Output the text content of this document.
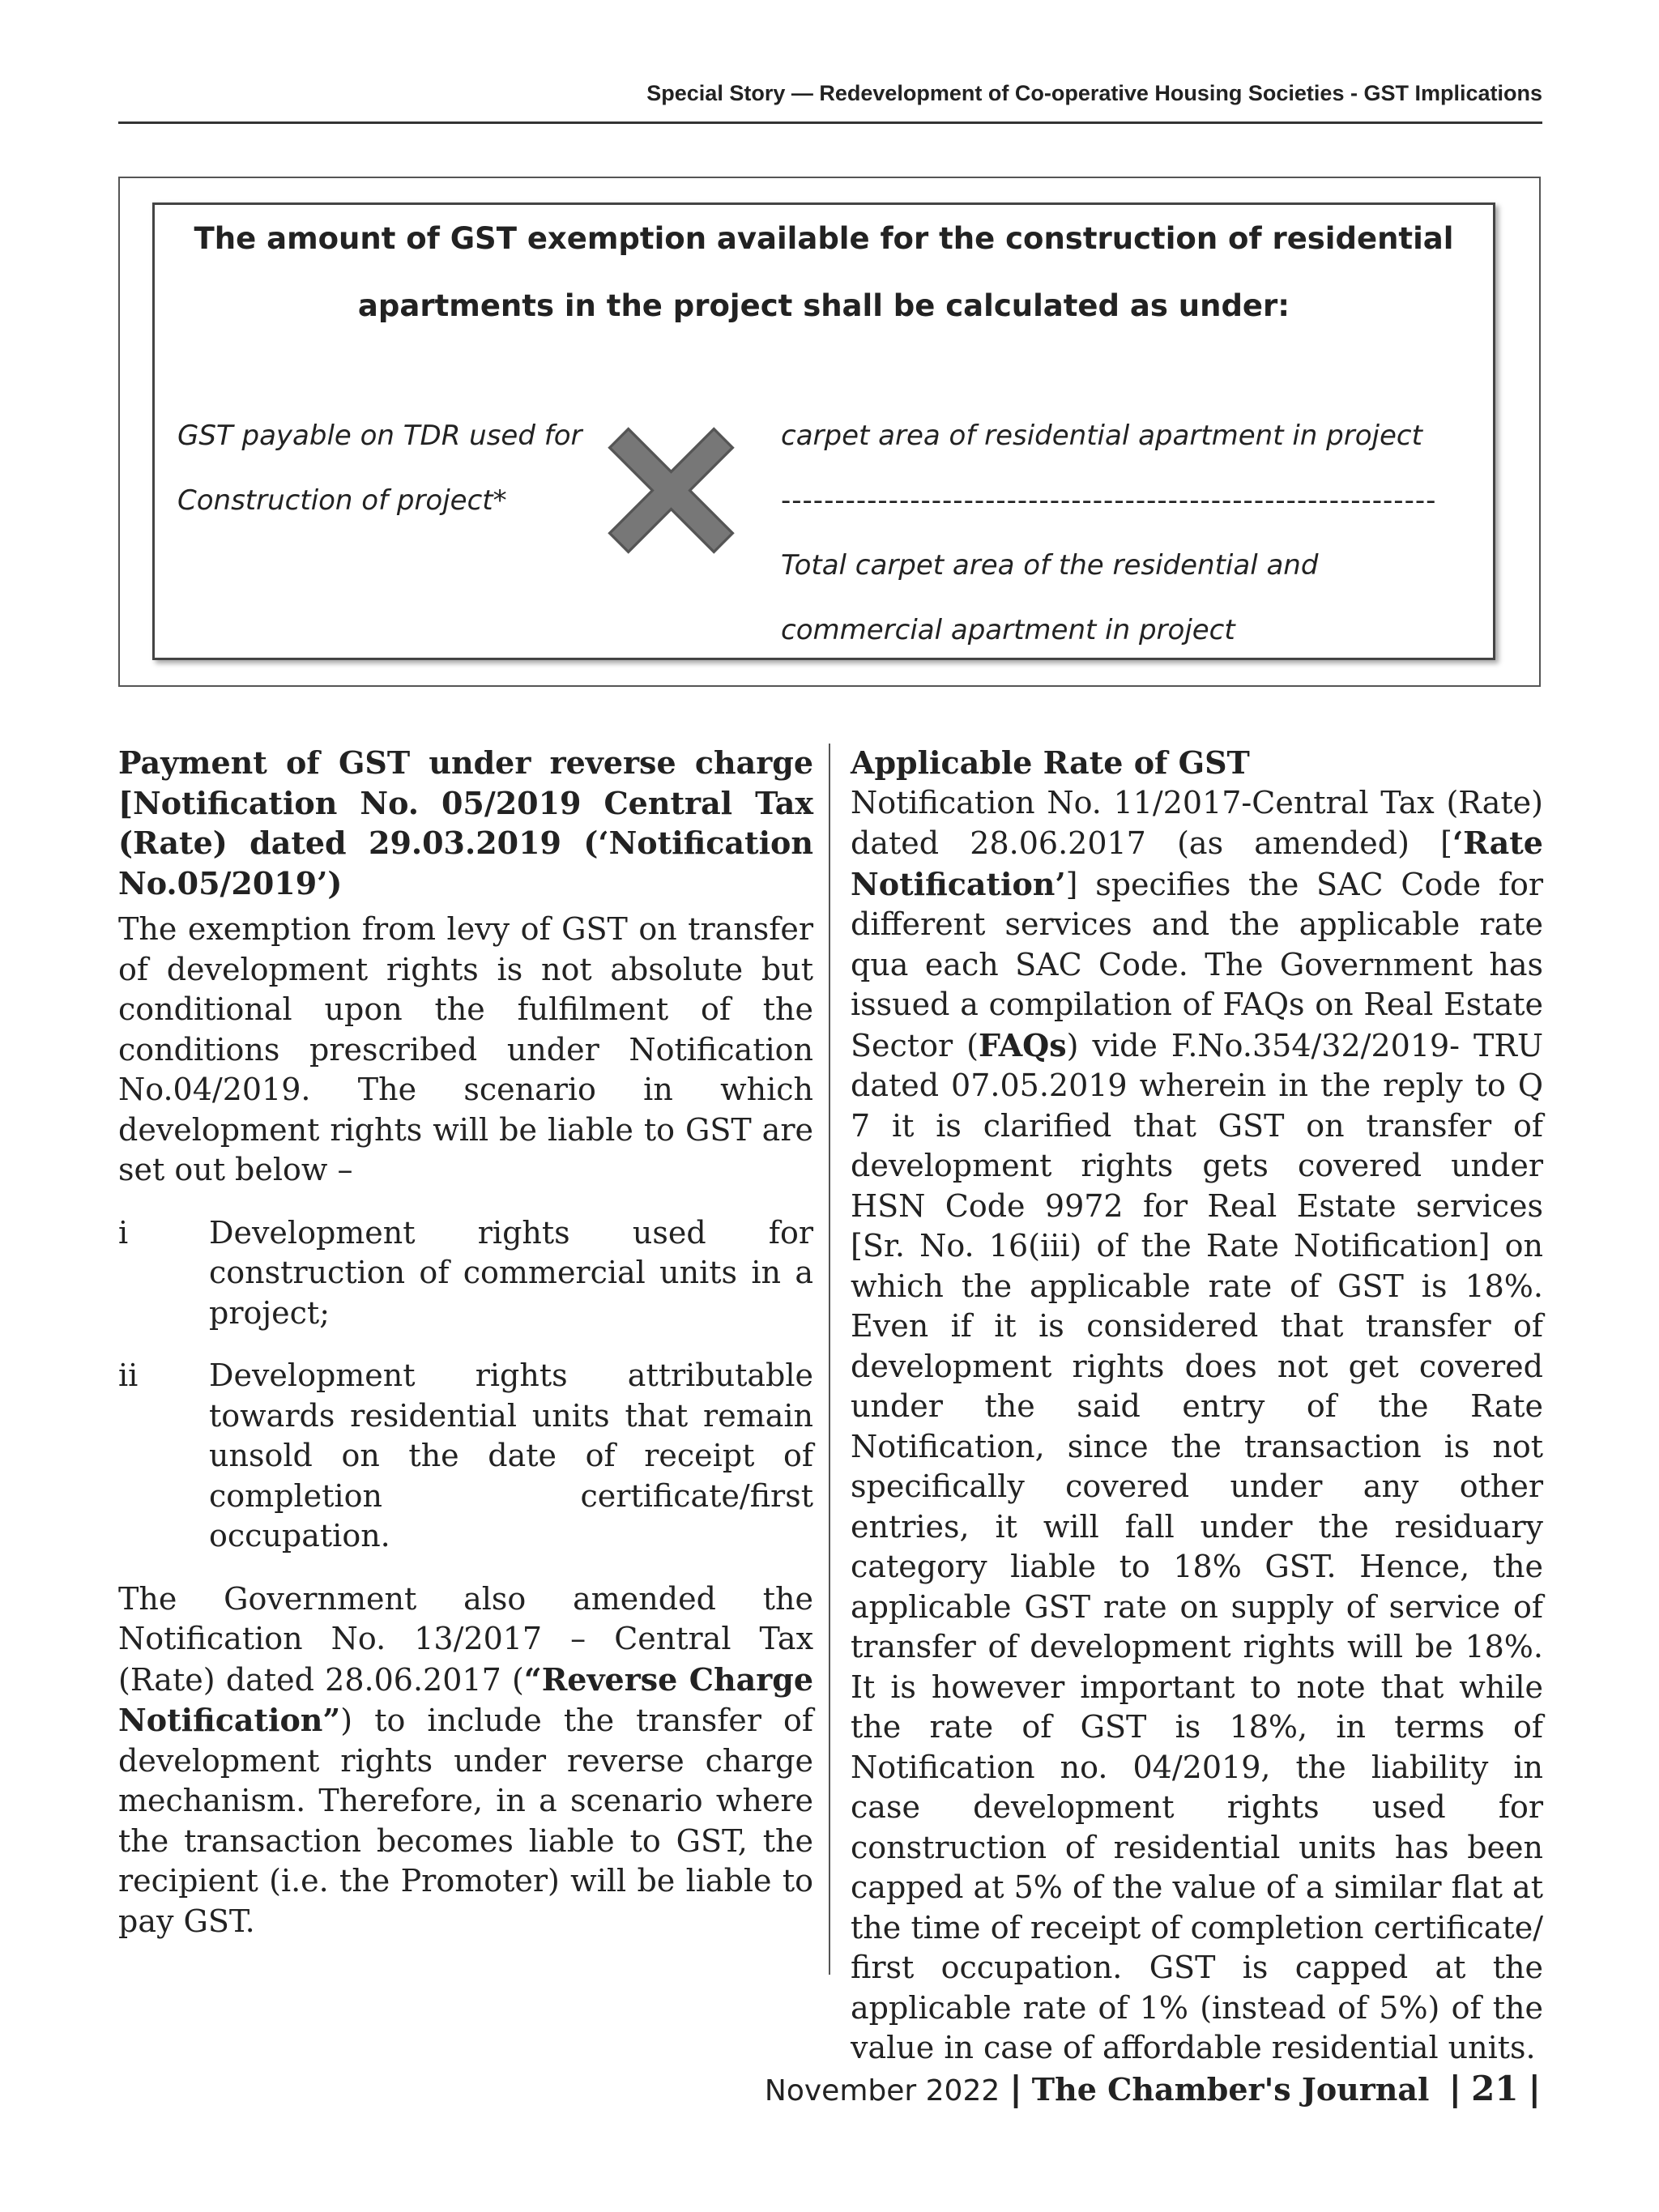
Special Story — Redevelopment of Co-operative Housing Societies - GST Implications
The amount of GST exemption available for the construction of residential
apartments in the project shall be calculated as under:
GST payable on TDR used for
Construction of project*
carpet area of residential apartment in project
-------------------------------------------------------------
Total carpet area of the residential and
commercial apartment in project

Payment of GST under reverse charge [Notification No. 05/2019 Central Tax (Rate) dated 29.03.2019 (‘Notification No.05/2019’)

The exemption from levy of GST on transfer of development rights is not absolute but conditional upon the fulfilment of the conditions prescribed under Notification No.04/2019. The scenario in which development rights will be liable to GST are set out below –

i	Development rights used for construction of commercial units in a project;
ii Development rights attributable towards residential units that remain unsold on the date of receipt of completion certificate/first occupation.

The Government also amended the Notification No. 13/2017 – Central Tax (Rate) dated 28.06.2017 (“Reverse Charge Notification”) to include the transfer of development rights under reverse charge mechanism. Therefore, in a scenario where the transaction becomes liable to GST, the recipient (i.e. the Promoter) will be liable to pay GST.

Applicable Rate of GST

Notification No. 11/2017-Central Tax (Rate) dated 28.06.2017 (as amended) [‘Rate Notification’] specifies the SAC Code for different services and the applicable rate qua each SAC Code. The Government has issued a compilation of FAQs on Real Estate Sector (FAQs) vide F.No.354/32/2019- TRU dated 07.05.2019 wherein in the reply to Q 7 it is clarified that GST on transfer of development rights gets covered under HSN Code 9972 for Real Estate services [Sr. No. 16(iii) of the Rate Notification] on which the applicable rate of GST is 18%. Even if it is considered that transfer of development rights does not get covered under the said entry of the Rate Notification, since the transaction is not specifically covered under any other entries, it will fall under the residuary category liable to 18% GST. Hence, the applicable GST rate on supply of service of transfer of development rights will be 18%. It is however important to note that while the rate of GST is 18%, in terms of Notification no. 04/2019, the liability in case development rights used for construction of residential units has been capped at 5% of the value of a similar flat at the time of receipt of completion certificate/ first occupation. GST is capped at the applicable rate of 1% (instead of 5%) of the value in case of affordable residential units.

November 2022 | The Chamber's Journal | 21 |
